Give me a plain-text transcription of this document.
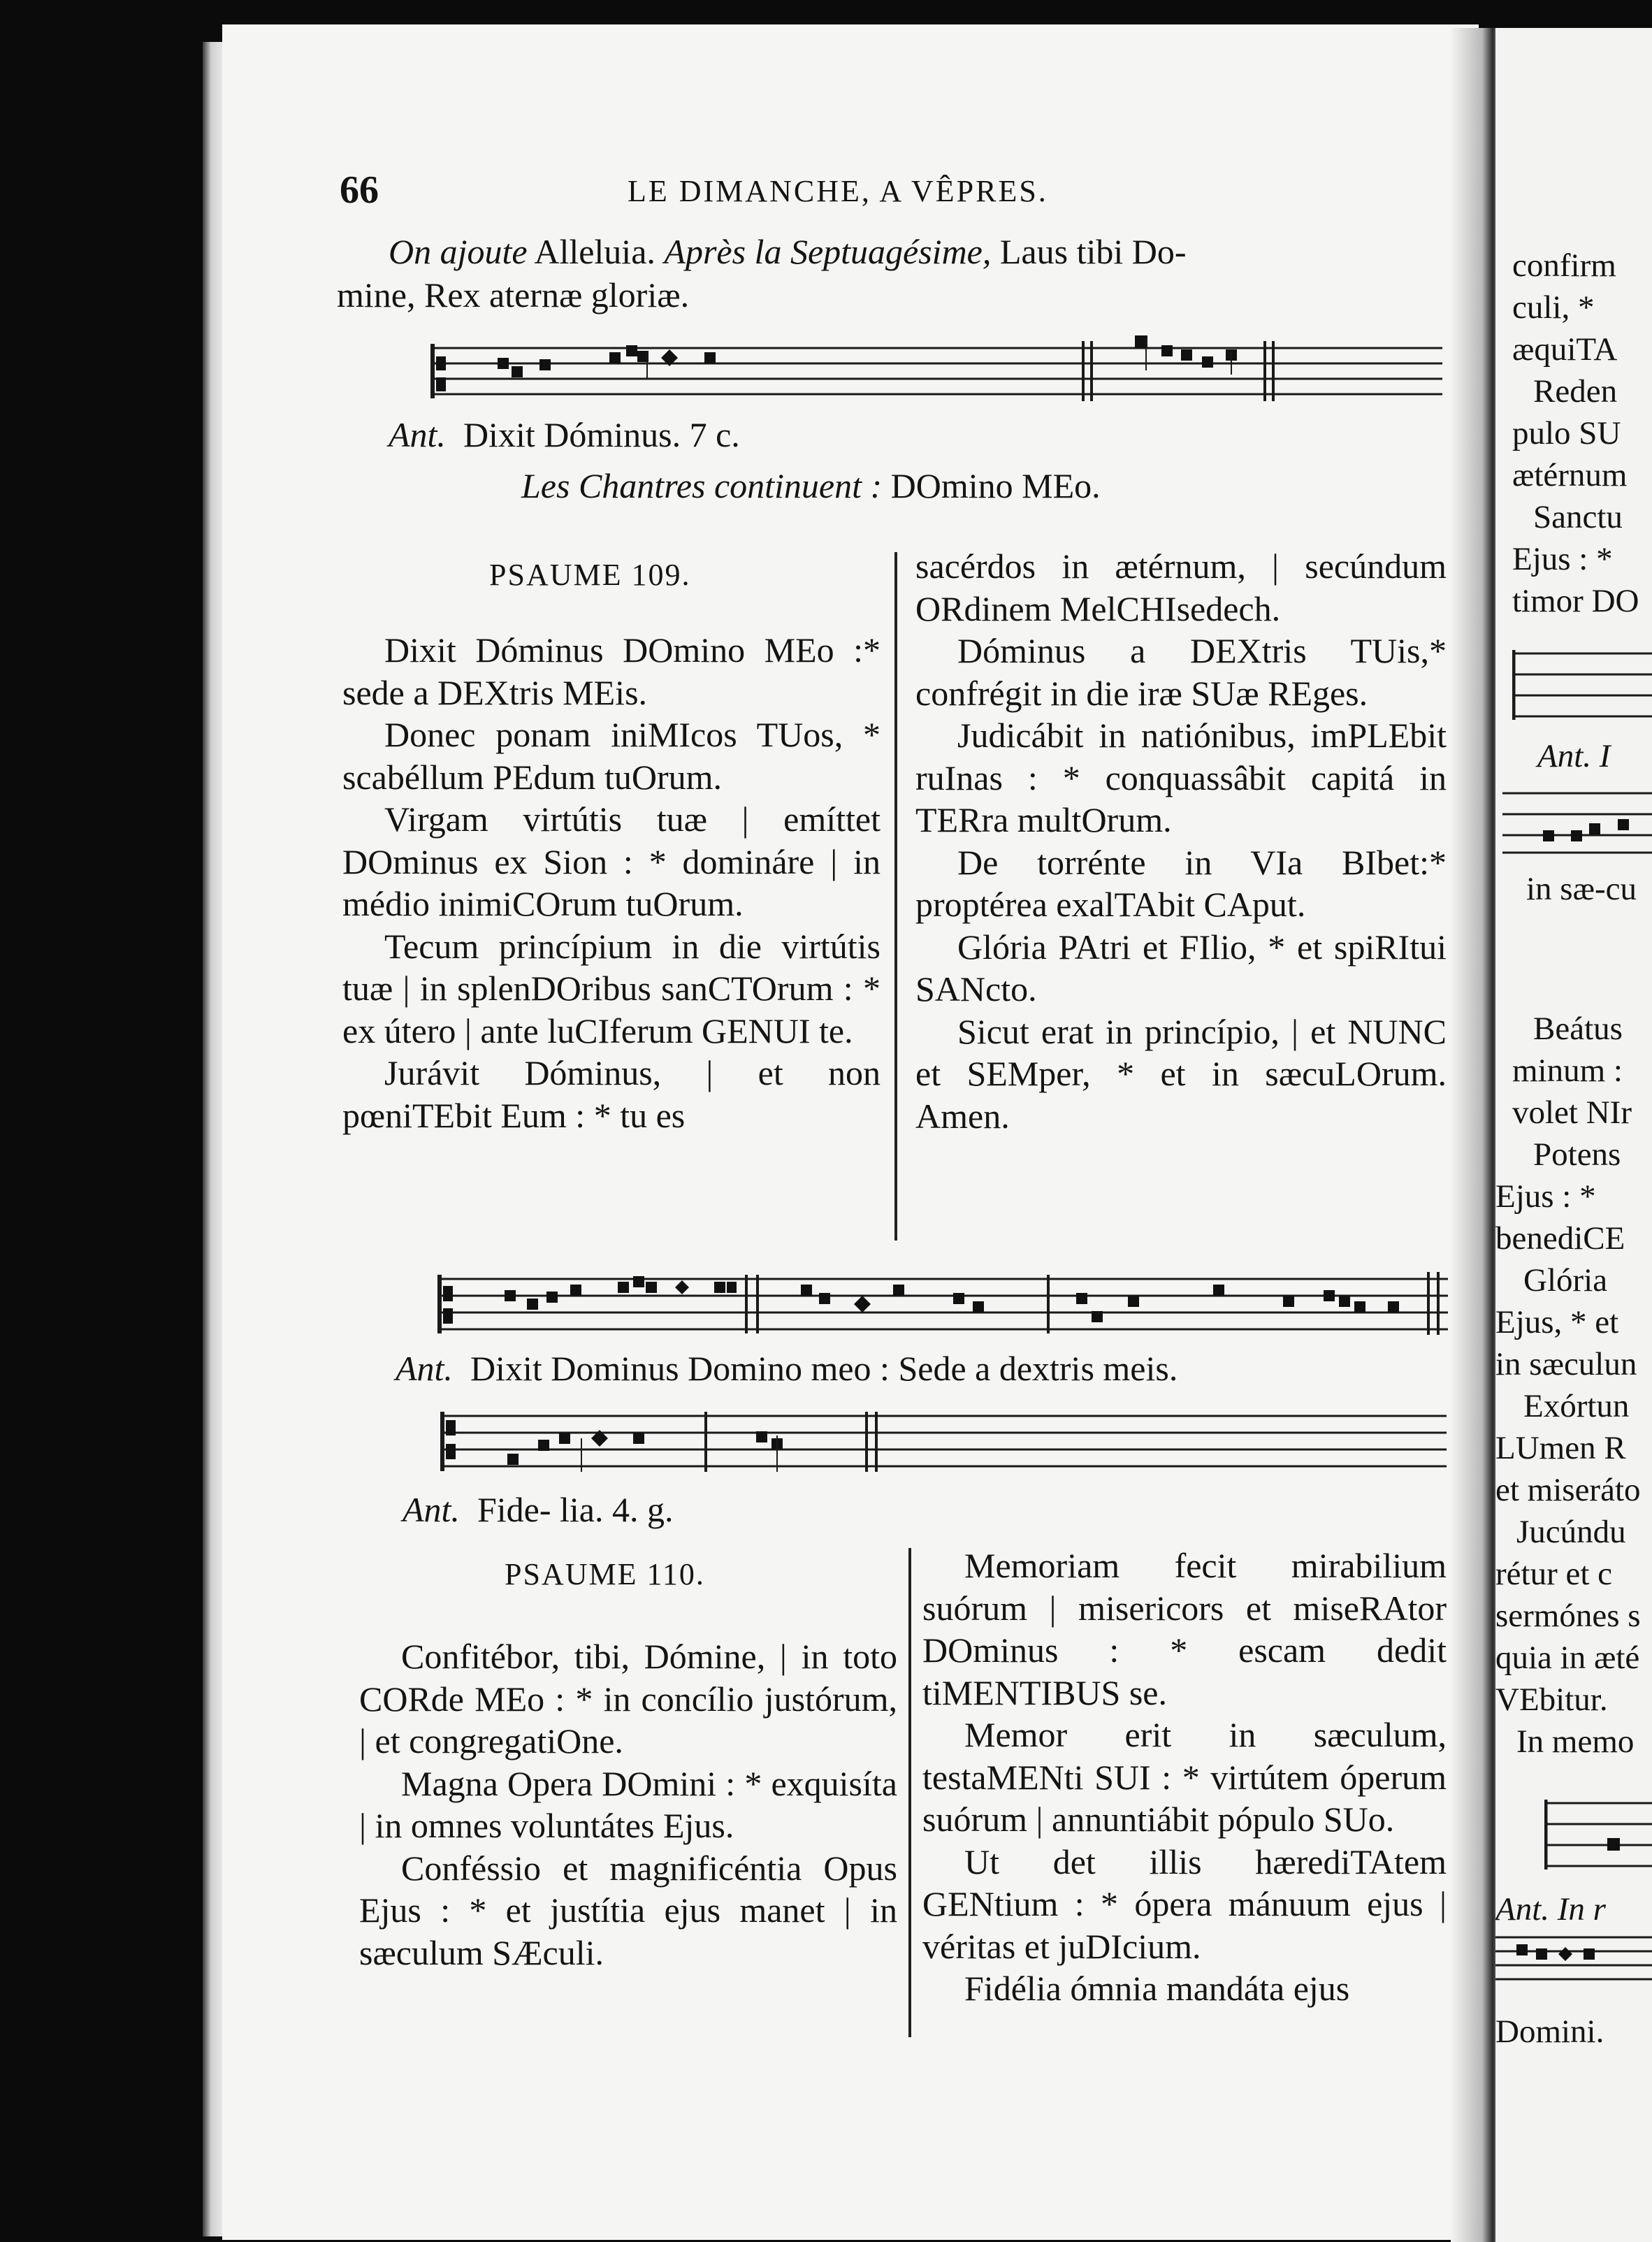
confirm
culi, *
æquiTA
Reden
pulo SU
ætérnum
Sanctu
Ejus : *
timor DO
Ant. I
in sæ-cu
Beátus
minum :
volet NIr
Potens
Ejus : *
benediCE
Glória
Ejus, * et
in sæculun
Exórtun
LUmen R
et miseráto
Jucúndu
rétur et c
sermónes s
quia in æté
VEbitur.
In memo
Ant. In r
Domini.
66	LE DIMANCHE, A VÊPRES.
On ajoute Alleluia. Après la Septuagésime, Laus tibi Do-
mine, Rex aternæ gloriæ.
Ant. Dixit Dóminus. 7 c.
Les Chantres continuent : DOmino MEo.
PSAUME 109.

Dixit Dóminus DOmino MEo :* sede a DEXtris MEis.

Donec ponam iniMIcos TUos, * scabéllum PEdum tuOrum.

Virgam virtútis tuæ | emíttet DOminus ex Sion : * domináre | in médio inimiCOrum tuOrum.

Tecum princípium in die virtútis tuæ | in splenDOribus sanCTOrum : * ex útero | ante luCIferum GENUI te.

Jurávit Dóminus, | et non pœniTEbit Eum : * tu es

sacérdos in ætérnum, | secúndum ORdinem MelCHIsedech.

Dóminus a DEXtris TUis,* confrégit in die iræ SUæ REges.

Judicábit in natiónibus, imPLEbit ruInas : * conquassâbit capitá in TERra multOrum.

De torrénte in VIa BIbet:* proptérea exalTAbit CAput.

Glória PAtri et FIlio, * et spiRItui SANcto.

Sicut erat in princípio, | et NUNC et SEMper, * et in sæcuLOrum. Amen.

Ant. Dixit Dominus Domino meo : Sede a dextris meis.
Ant. Fide- lia. 4. g.
PSAUME 110.

Confitébor, tibi, Dómine, | in toto CORde MEo : * in concílio justórum, | et congregatiOne.

Magna Opera DOmini : * exquisíta | in omnes voluntátes Ejus.

Conféssio et magnificéntia Opus Ejus : * et justítia ejus manet | in sæculum SÆculi.

Memoriam fecit mirabilium suórum | misericors et miseRAtor DOminus : * escam dedit tiMENTIBUS se.

Memor erit in sæculum, testaMENti SUI : * virtútem óperum suórum | annuntiábit pópulo SUo.

Ut det illis hærediTAtem GENtium : * ópera mánuum ejus | véritas et juDIcium.

Fidélia ómnia mandáta ejus
